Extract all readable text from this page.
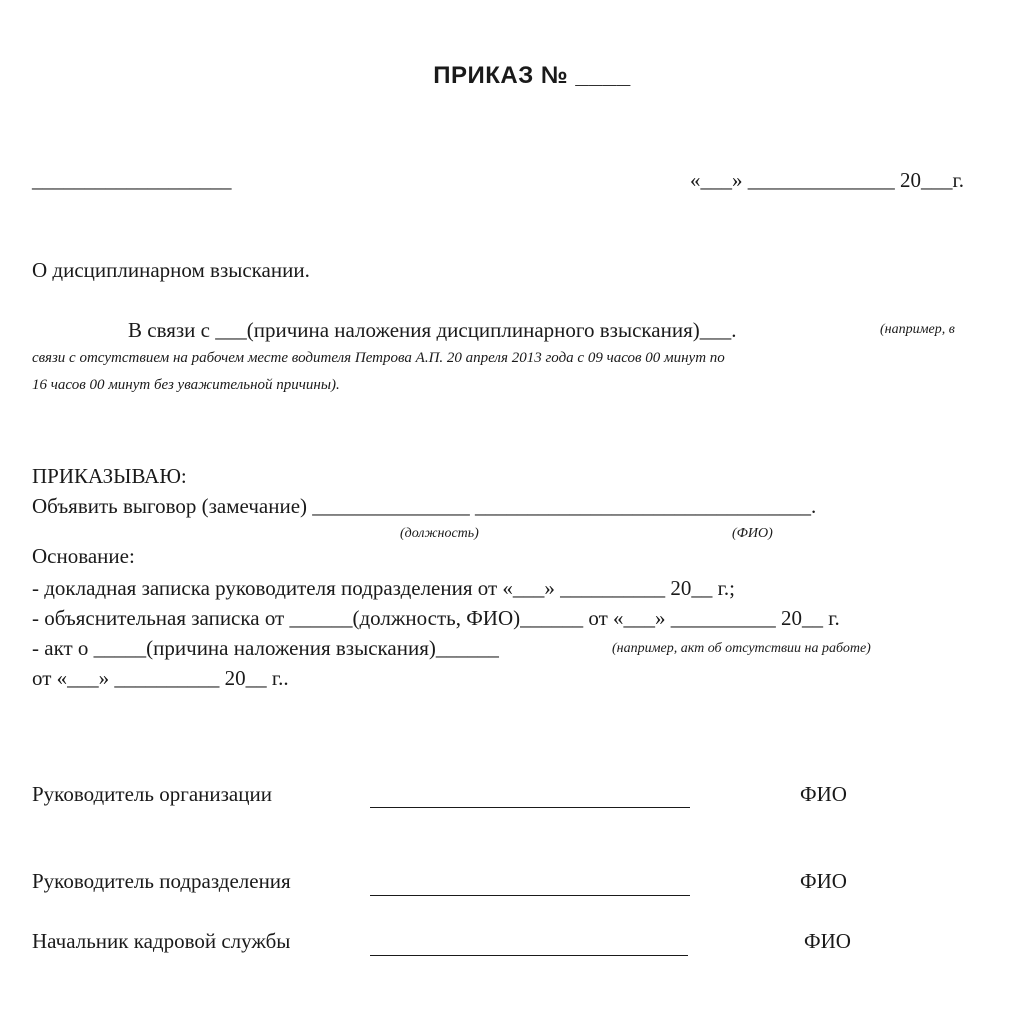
ПРИКАЗ № ____
___________________	«___» ______________ 20___г.
О дисциплинарном взыскании.
В связи с ___(причина наложения дисциплинарного взыскания)___.	(например, в
связи с отсутствием на рабочем месте водителя Петрова А.П. 20 апреля 2013 года с 09 часов 00 минут по
16 часов 00 минут без уважительной причины).
ПРИКАЗЫВАЮ:
Объявить выговор (замечание) _______________ ________________________________.
(должность)	(ФИО)
Основание:
- докладная записка руководителя подразделения от «___» __________ 20__ г.;
- объяснительная записка от ______(должность, ФИО)______ от «___» __________ 20__ г.
- акт о _____(причина наложения взыскания)______	(например, акт об отсутствии на работе)
от «___» __________ 20__ г..
Руководитель организации	ФИО
Руководитель подразделения	ФИО
Начальник кадровой службы	ФИО
